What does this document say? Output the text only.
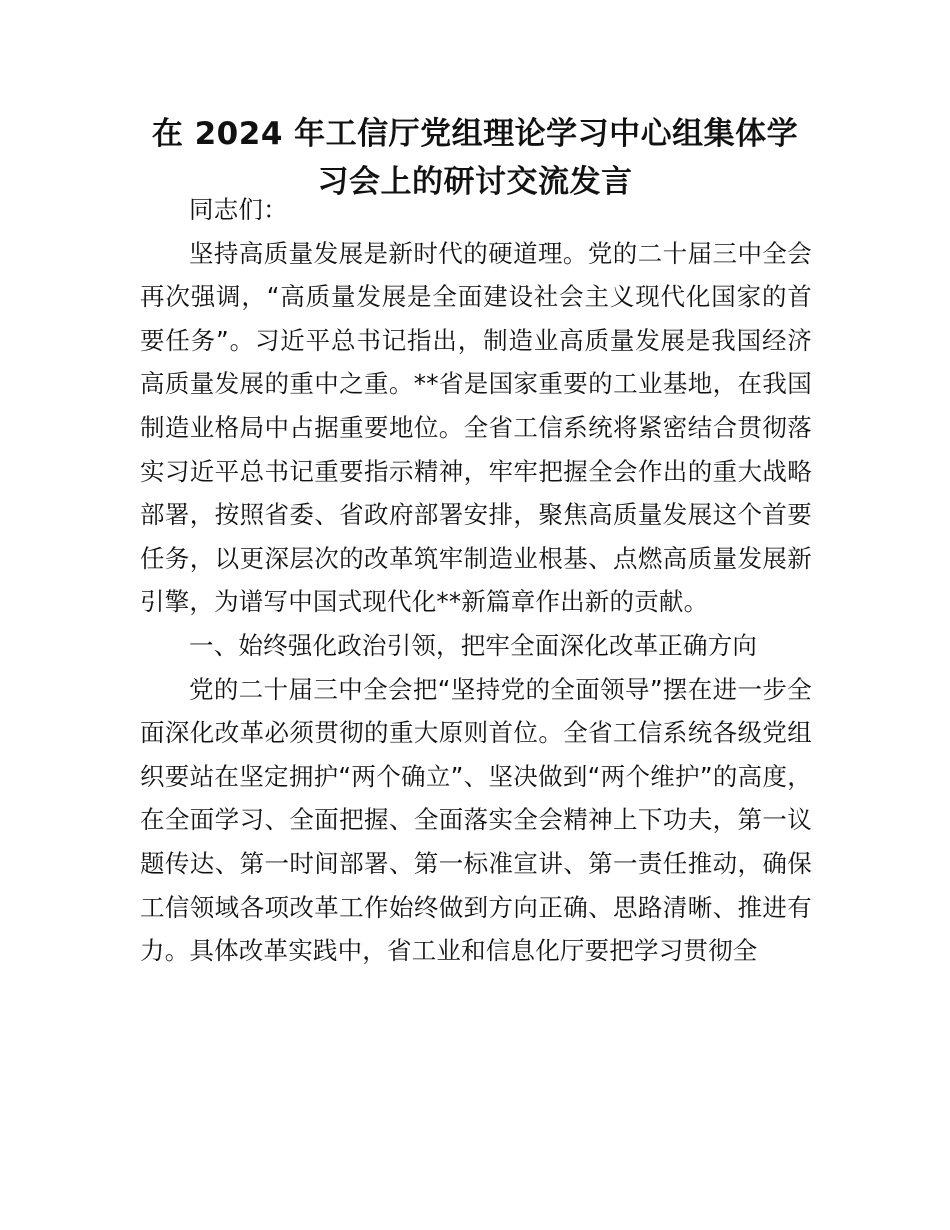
在 2024 年工信厅党组理论学习中心组集体学习会上的研讨交流发言

同志们：

坚持高质量发展是新时代的硬道理。党的二十届三中全会再次强调，“高质量发展是全面建设社会主义现代化国家的首要任务”。习近平总书记指出，制造业高质量发展是我国经济高质量发展的重中之重。**省是国家重要的工业基地，在我国制造业格局中占据重要地位。全省工信系统将紧密结合贯彻落实习近平总书记重要指示精神，牢牢把握全会作出的重大战略部署，按照省委、省政府部署安排，聚焦高质量发展这个首要任务，以更深层次的改革筑牢制造业根基、点燃高质量发展新引擎，为谱写中国式现代化**新篇章作出新的贡献。

一、始终强化政治引领，把牢全面深化改革正确方向

党的二十届三中全会把“坚持党的全面领导”摆在进一步全面深化改革必须贯彻的重大原则首位。全省工信系统各级党组织要站在坚定拥护“两个确立”、坚决做到“两个维护”的高度，在全面学习、全面把握、全面落实全会精神上下功夫，第一议题传达、第一时间部署、第一标准宣讲、第一责任推动，确保工信领域各项改革工作始终做到方向正确、思路清晰、推进有力。具体改革实践中，省工业和信息化厅要把学习贯彻全
